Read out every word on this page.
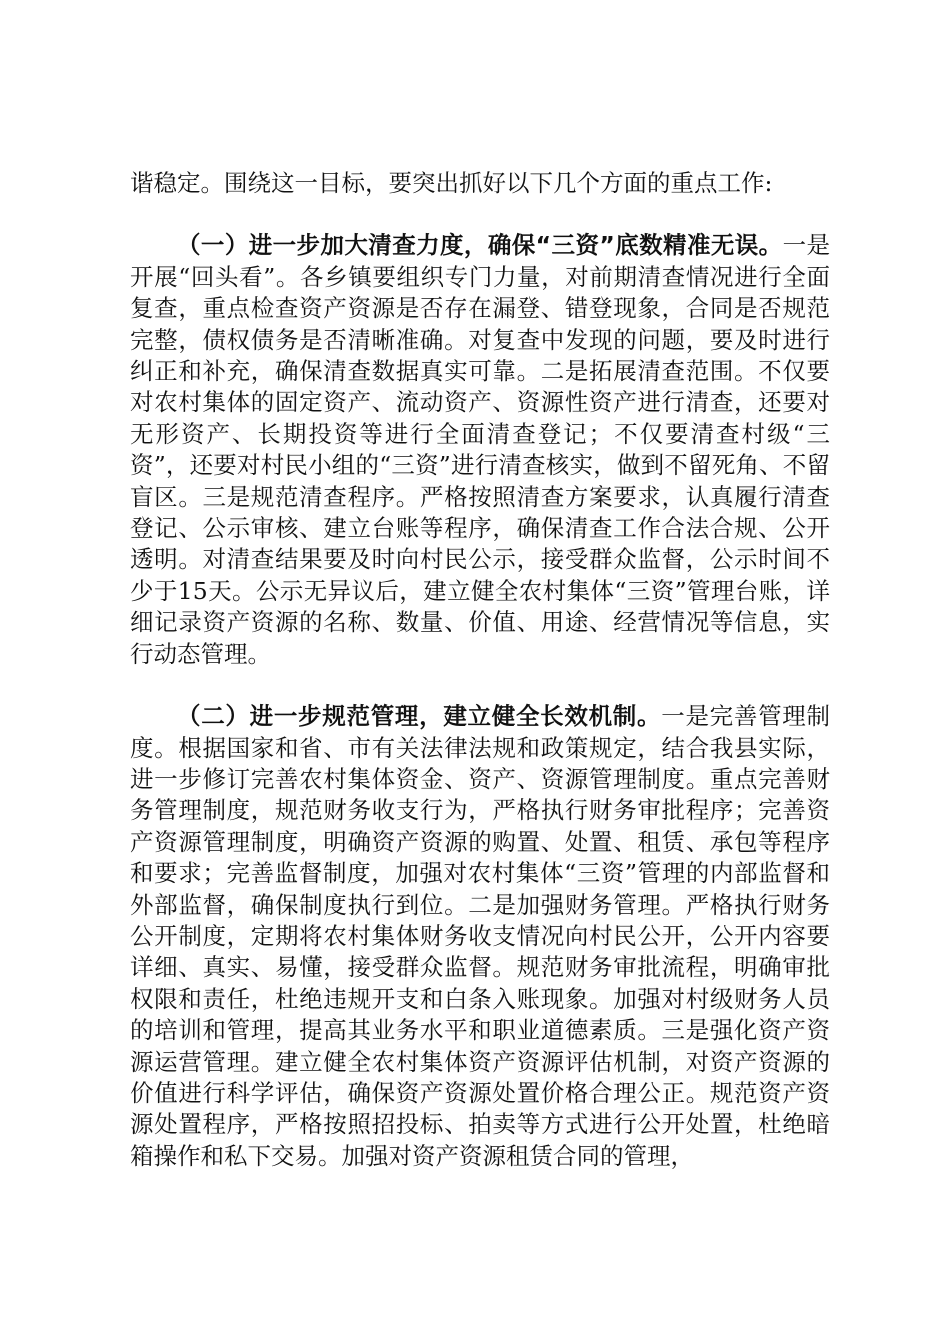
谐稳定。围绕这一目标，要突出抓好以下几个方面的重点工作:

（一）进一步加大清查力度，确保“三资”底数精准无误。一是开展“回头看”。各乡镇要组织专门力量，对前期清查情况进行全面复查，重点检查资产资源是否存在漏登、错登现象，合同是否规范完整，债权债务是否清晰准确。对复查中发现的问题，要及时进行纠正和补充，确保清查数据真实可靠。二是拓展清查范围。不仅要对农村集体的固定资产、流动资产、资源性资产进行清查，还要对无形资产、长期投资等进行全面清查登记；不仅要清查村级“三资”，还要对村民小组的“三资”进行清查核实，做到不留死角、不留盲区。三是规范清查程序。严格按照清查方案要求，认真履行清查登记、公示审核、建立台账等程序，确保清查工作合法合规、公开透明。对清查结果要及时向村民公示，接受群众监督，公示时间不少于15天。公示无异议后，建立健全农村集体“三资”管理台账，详细记录资产资源的名称、数量、价值、用途、经营情况等信息，实行动态管理。

（二）进一步规范管理，建立健全长效机制。一是完善管理制度。根据国家和省、市有关法律法规和政策规定，结合我县实际，进一步修订完善农村集体资金、资产、资源管理制度。重点完善财务管理制度，规范财务收支行为，严格执行财务审批程序；完善资产资源管理制度，明确资产资源的购置、处置、租赁、承包等程序和要求；完善监督制度，加强对农村集体“三资”管理的内部监督和外部监督，确保制度执行到位。二是加强财务管理。严格执行财务公开制度，定期将农村集体财务收支情况向村民公开，公开内容要详细、真实、易懂，接受群众监督。规范财务审批流程，明确审批权限和责任，杜绝违规开支和白条入账现象。加强对村级财务人员的培训和管理，提高其业务水平和职业道德素质。三是强化资产资源运营管理。建立健全农村集体资产资源评估机制，对资产资源的价值进行科学评估，确保资产资源处置价格合理公正。规范资产资源处置程序，严格按照招投标、拍卖等方式进行公开处置，杜绝暗箱操作和私下交易。加强对资产资源租赁合同的管理，
